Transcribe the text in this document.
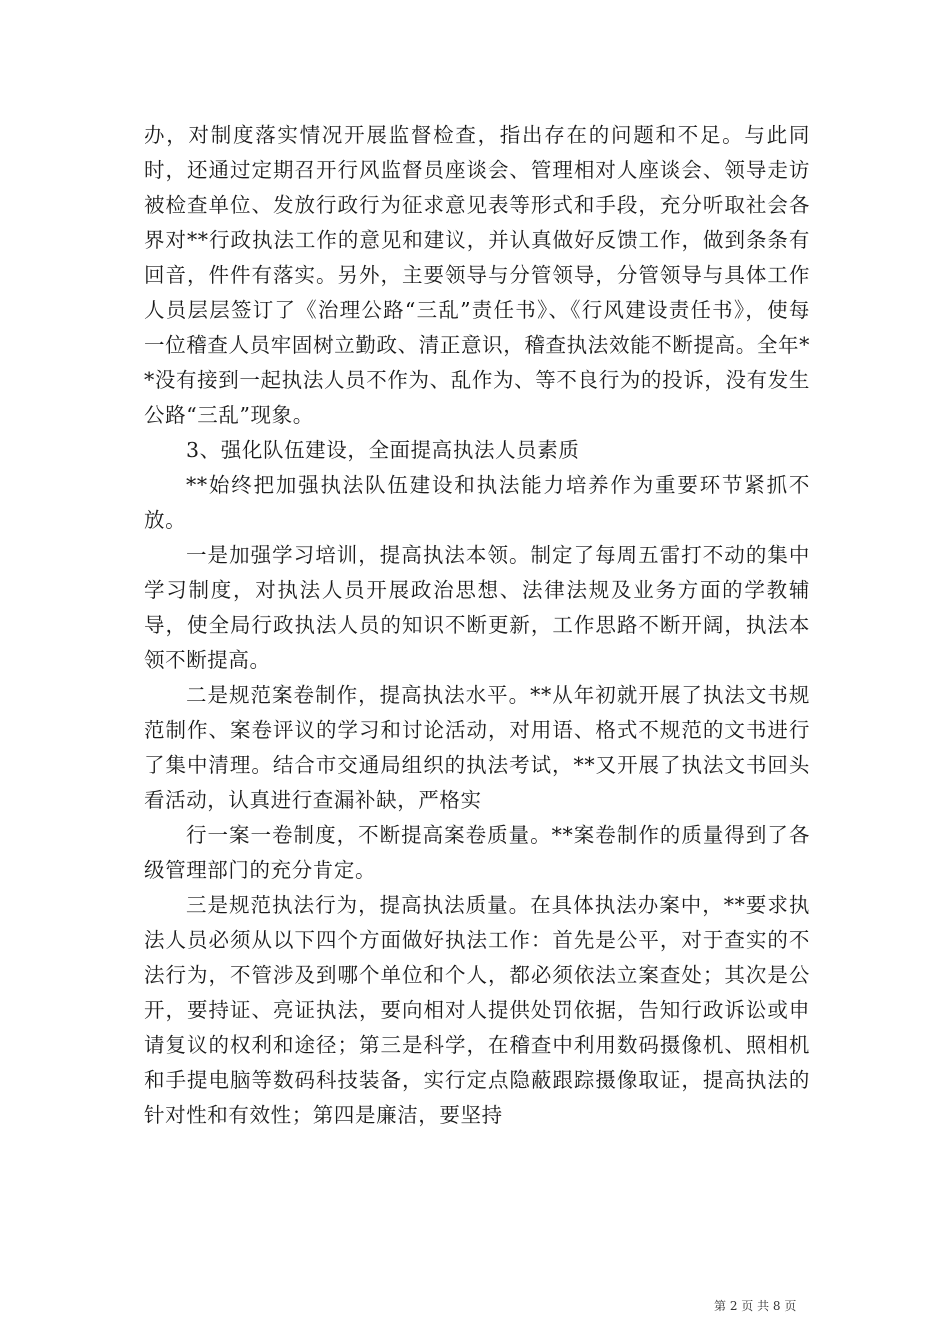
办，对制度落实情况开展监督检查，指出存在的问题和不足。与此同时，还通过定期召开行风监督员座谈会、管理相对人座谈会、领导走访被检查单位、发放行政行为征求意见表等形式和手段，充分听取社会各界对**行政执法工作的意见和建议，并认真做好反馈工作，做到条条有回音，件件有落实。另外，主要领导与分管领导，分管领导与具体工作人员层层签订了《治理公路“三乱”责任书》、《行风建设责任书》，使每一位稽查人员牢固树立勤政、清正意识，稽查执法效能不断提高。全年**没有接到一起执法人员不作为、乱作为、等不良行为的投诉，没有发生公路“三乱”现象。

3、强化队伍建设，全面提高执法人员素质

**始终把加强执法队伍建设和执法能力培养作为重要环节紧抓不放。

一是加强学习培训，提高执法本领。制定了每周五雷打不动的集中学习制度，对执法人员开展政治思想、法律法规及业务方面的学教辅导，使全局行政执法人员的知识不断更新，工作思路不断开阔，执法本领不断提高。

二是规范案卷制作，提高执法水平。**从年初就开展了执法文书规范制作、案卷评议的学习和讨论活动，对用语、格式不规范的文书进行了集中清理。结合市交通局组织的执法考试，**又开展了执法文书回头看活动，认真进行查漏补缺，严格实

行一案一卷制度，不断提高案卷质量。**案卷制作的质量得到了各级管理部门的充分肯定。

三是规范执法行为，提高执法质量。在具体执法办案中，**要求执法人员必须从以下四个方面做好执法工作：首先是公平，对于查实的不法行为，不管涉及到哪个单位和个人，都必须依法立案查处；其次是公开，要持证、亮证执法，要向相对人提供处罚依据，告知行政诉讼或申请复议的权利和途径；第三是科学，在稽查中利用数码摄像机、照相机和手提电脑等数码科技装备，实行定点隐蔽跟踪摄像取证，提高执法的针对性和有效性；第四是廉洁，要坚持

第 2 页 共 8 页
